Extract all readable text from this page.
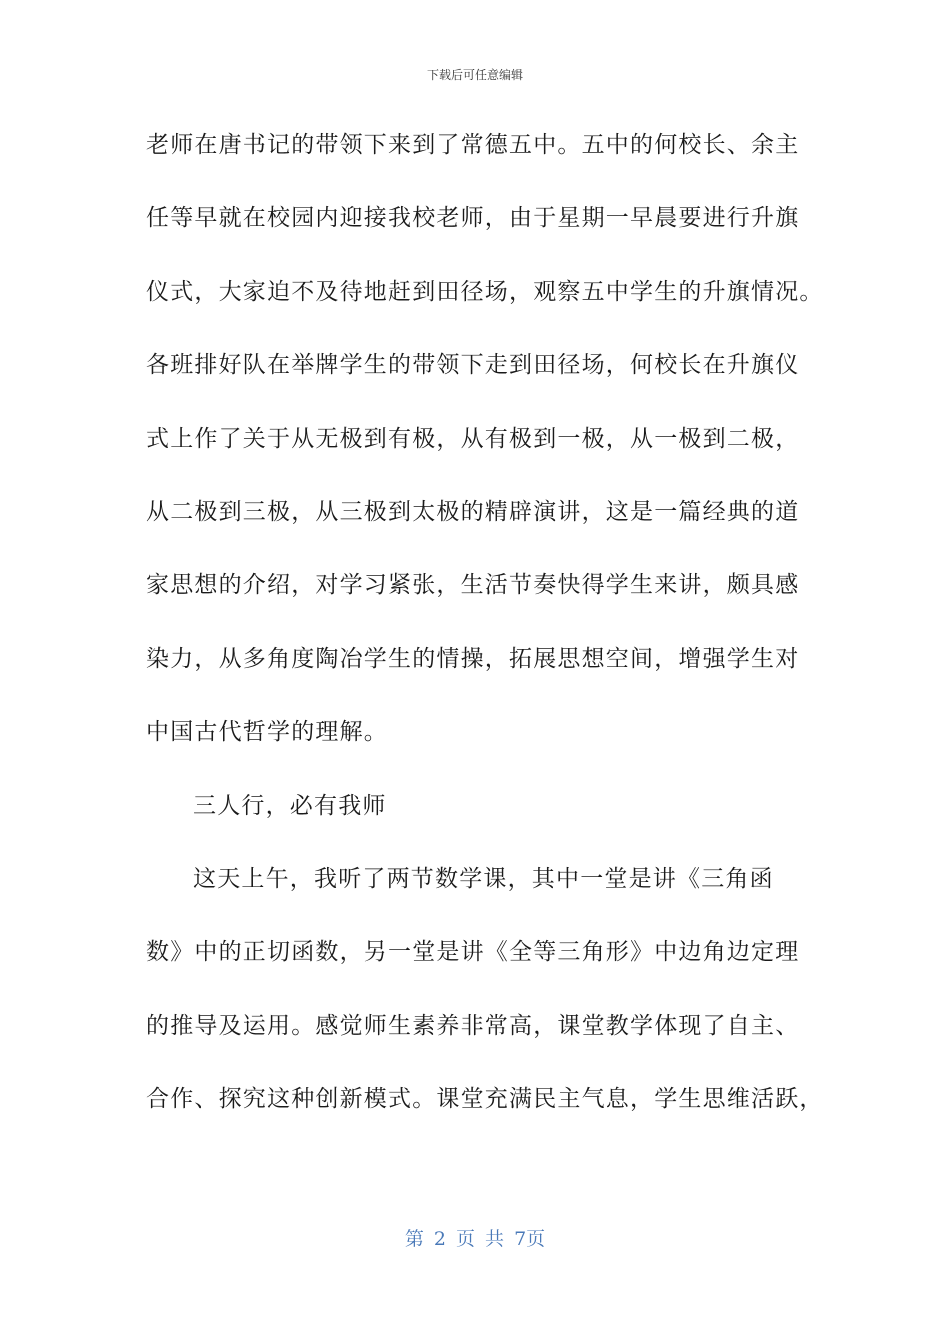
下载后可任意编辑
老师在唐书记的带领下来到了常德五中。五中的何校长、余主
任等早就在校园内迎接我校老师，由于星期一早晨要进行升旗
仪式，大家迫不及待地赶到田径场，观察五中学生的升旗情况。
各班排好队在举牌学生的带领下走到田径场，何校长在升旗仪
式上作了关于从无极到有极，从有极到一极，从一极到二极，
从二极到三极，从三极到太极的精辟演讲，这是一篇经典的道
家思想的介绍，对学习紧张，生活节奏快得学生来讲，颇具感
染力，从多角度陶冶学生的情操，拓展思想空间，增强学生对
中国古代哲学的理解。
三人行，必有我师
这天上午，我听了两节数学课，其中一堂是讲《三角函
数》中的正切函数，另一堂是讲《全等三角形》中边角边定理
的推导及运用。感觉师生素养非常高，课堂教学体现了自主、
合作、探究这种创新模式。课堂充满民主气息，学生思维活跃，
第 2 页 共 7页
